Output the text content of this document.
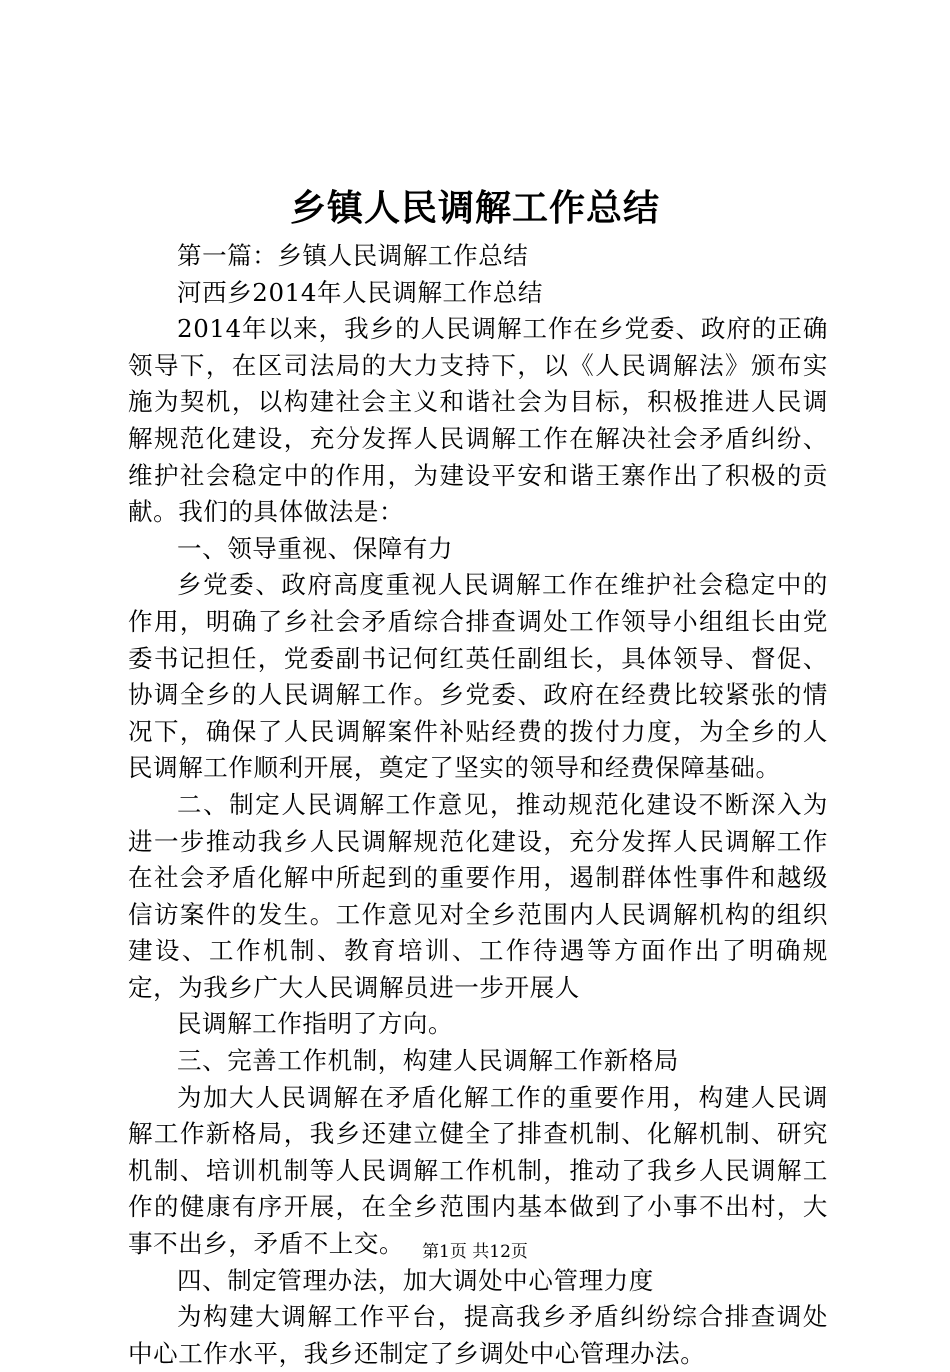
乡镇人民调解工作总结

第一篇：乡镇人民调解工作总结

河西乡2014年人民调解工作总结

2014年以来，我乡的人民调解工作在乡党委、政府的正确领导下，在区司法局的大力支持下，以《人民调解法》颁布实施为契机，以构建社会主义和谐社会为目标，积极推进人民调解规范化建设，充分发挥人民调解工作在解决社会矛盾纠纷、维护社会稳定中的作用，为建设平安和谐王寨作出了积极的贡献。我们的具体做法是：

一、领导重视、保障有力

乡党委、政府高度重视人民调解工作在维护社会稳定中的作用，明确了乡社会矛盾综合排查调处工作领导小组组长由党委书记担任，党委副书记何红英任副组长，具体领导、督促、协调全乡的人民调解工作。乡党委、政府在经费比较紧张的情况下，确保了人民调解案件补贴经费的拨付力度，为全乡的人民调解工作顺利开展，奠定了坚实的领导和经费保障基础。

二、制定人民调解工作意见，推动规范化建设不断深入为进一步推动我乡人民调解规范化建设，充分发挥人民调解工作在社会矛盾化解中所起到的重要作用，遏制群体性事件和越级信访案件的发生。工作意见对全乡范围内人民调解机构的组织建设、工作机制、教育培训、工作待遇等方面作出了明确规定，为我乡广大人民调解员进一步开展人

民调解工作指明了方向。

三、完善工作机制，构建人民调解工作新格局

为加大人民调解在矛盾化解工作的重要作用，构建人民调解工作新格局，我乡还建立健全了排查机制、化解机制、研究机制、培训机制等人民调解工作机制，推动了我乡人民调解工作的健康有序开展，在全乡范围内基本做到了小事不出村，大事不出乡，矛盾不上交。

四、制定管理办法，加大调处中心管理力度

为构建大调解工作平台，提高我乡矛盾纠纷综合排查调处中心工作水平，我乡还制定了乡调处中心管理办法。

第1页 共12页
